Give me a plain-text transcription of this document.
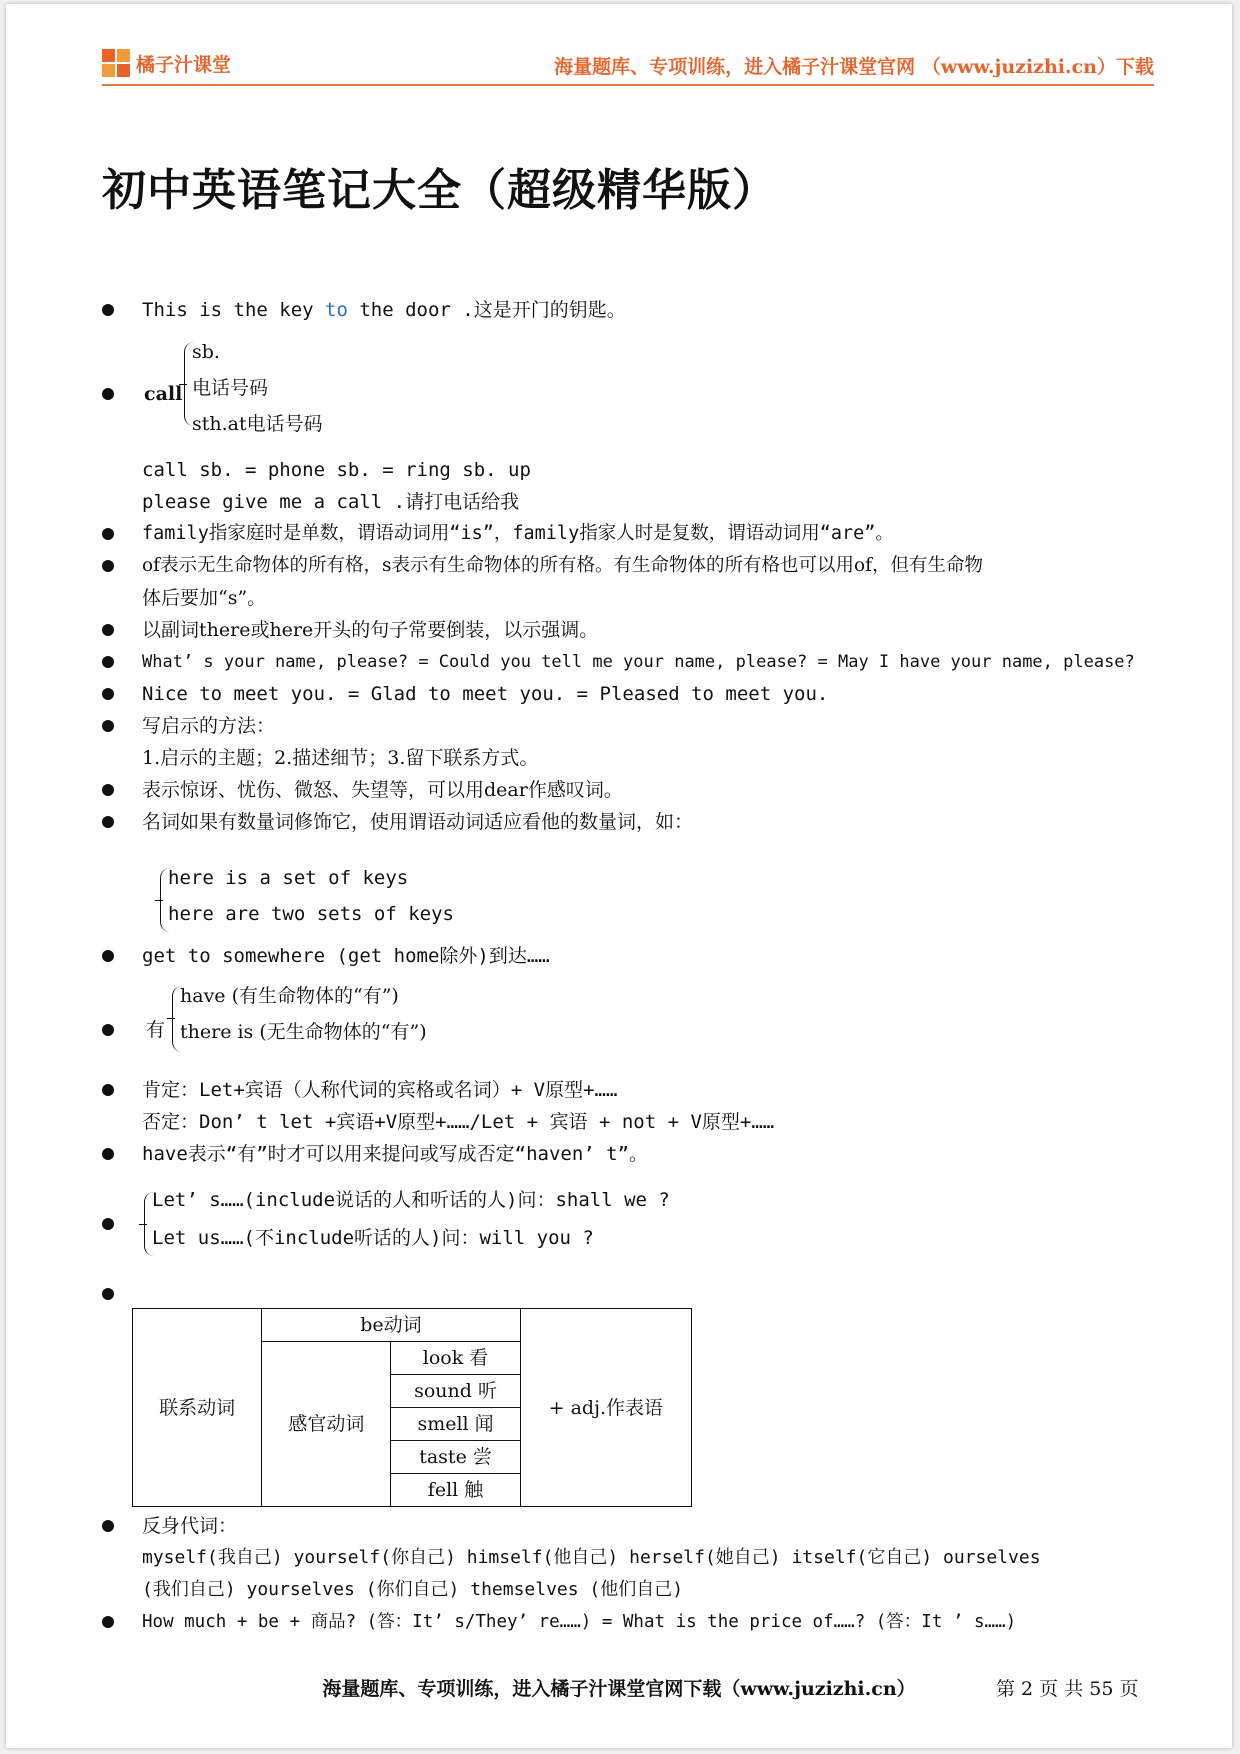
橘子汁课堂	海量题库、专项训练，进入橘子汁课堂官网 （www.juzizhi.cn）下载
初中英语笔记大全（超级精华版）
This is the key to the door .这是开门的钥匙。
call
sb.
电话号码
sth.at电话号码
call sb. = phone sb. = ring sb. up
please give me a call .请打电话给我
family指家庭时是单数，谓语动词用“is”，family指家人时是复数，谓语动词用“are”。
of表示无生命物体的所有格，s表示有生命物体的所有格。有生命物体的所有格也可以用of，但有生命物
体后要加“s”。
以副词there或here开头的句子常要倒装，以示强调。
What’ s your name, please? = Could you tell me your name, please? = May I have your name, please?
Nice to meet you. = Glad to meet you. = Pleased to meet you.
写启示的方法：
1.启示的主题；2.描述细节；3.留下联系方式。
表示惊讶、忧伤、微怒、失望等，可以用dear作感叹词。
名词如果有数量词修饰它，使用谓语动词适应看他的数量词，如：
here is a set of keys
here are two sets of keys
get to somewhere (get home除外)到达……
有
have (有生命物体的“有”)
there is (无生命物体的“有”)
肯定：Let+宾语（人称代词的宾格或名词）+ V原型+……
否定：Don’ t let +宾语+V原型+……/Let + 宾语 + not + V原型+……
have表示“有”时才可以用来提问或写成否定“haven’ t”。
Let’ s……(include说话的人和听话的人)问：shall we ?
Let us……(不include听话的人)问：will you ?
联系动词	be动词		+ adj.作表语
	感官动词	look 看	
		sound 听	
		smell 闻	
		taste 尝	
		fell 触	
反身代词：
myself(我自己) yourself(你自己) himself(他自己) herself(她自己) itself(它自己) ourselves
(我们自己) yourselves (你们自己) themselves (他们自己)
How much + be + 商品? (答：It’ s/They’ re……) = What is the price of……? (答：It ’ s……)
海量题库、专项训练，进入橘子汁课堂官网下载（www.juzizhi.cn）	第 2 页 共 55 页
